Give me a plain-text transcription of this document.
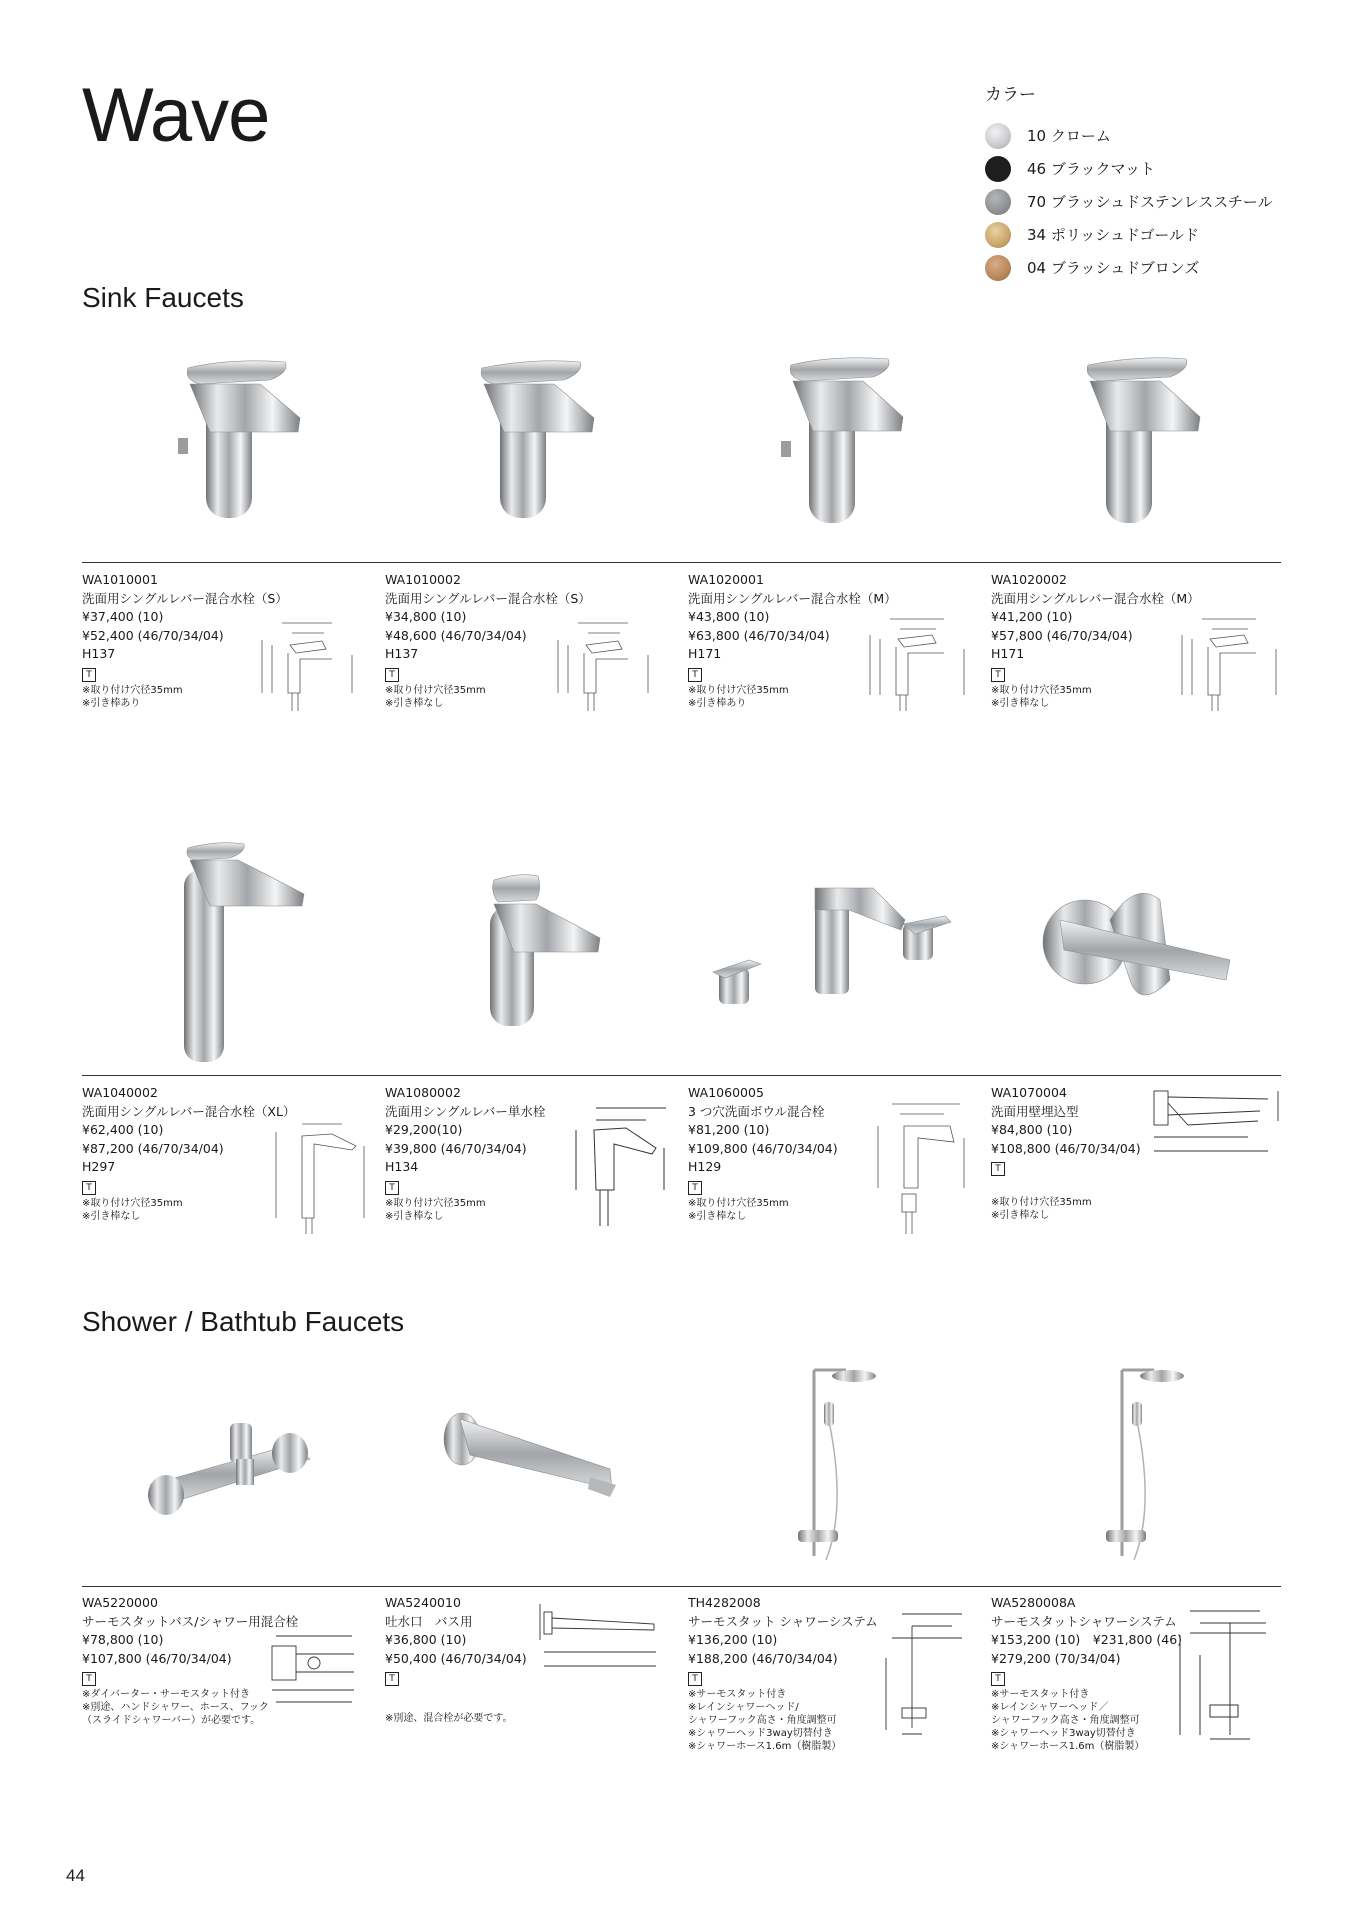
Wave	カラー
10 クローム
46 ブラックマット
70 ブラッシュドステンレススチール
34 ポリッシュドゴールド
04 ブラッシュドブロンズ
Sink Faucets
WA1010001
洗面用シングルレバー混合水栓（S）
¥37,400 (10)
¥52,400 (46/70/34/04)
H137
T
※取り付け穴径35mm
※引き棒あり
WA1010002
洗面用シングルレバー混合水栓（S）
¥34,800 (10)
¥48,600 (46/70/34/04)
H137
T
※取り付け穴径35mm
※引き棒なし
WA1020001
洗面用シングルレバー混合水栓（M）
¥43,800 (10)
¥63,800 (46/70/34/04)
H171
T
※取り付け穴径35mm
※引き棒あり
WA1020002
洗面用シングルレバー混合水栓（M）
¥41,200 (10)
¥57,800 (46/70/34/04)
H171
T
※取り付け穴径35mm
※引き棒なし
WA1040002
洗面用シングルレバー混合水栓（XL）
¥62,400 (10)
¥87,200 (46/70/34/04)
H297
T
※取り付け穴径35mm
※引き棒なし
WA1080002
洗面用シングルレバー単水栓
¥29,200(10)
¥39,800 (46/70/34/04)
H134
T
※取り付け穴径35mm
※引き棒なし
WA1060005
3 つ穴洗面ボウル混合栓
¥81,200 (10)
¥109,800 (46/70/34/04)
H129
T
※取り付け穴径35mm
※引き棒なし
WA1070004
洗面用壁埋込型
¥84,800 (10)
¥108,800 (46/70/34/04)
T
※取り付け穴径35mm
※引き棒なし
Shower / Bathtub Faucets
WA5220000
サーモスタットバス/シャワー用混合栓
¥78,800 (10)
¥107,800 (46/70/34/04)
T
※ダイバーター・サーモスタット付き
※別途、ハンドシャワー、ホース、フック
（スライドシャワーバー）が必要です。
WA5240010
吐水口　バス用
¥36,800 (10)
¥50,400 (46/70/34/04)
T
※別途、混合栓が必要です。
TH4282008
サーモスタット シャワーシステム
¥136,200 (10)
¥188,200 (46/70/34/04)
T
※サーモスタット付き
※レインシャワーヘッド/
シャワーフック高さ・角度調整可
※シャワーヘッド3way切替付き
※シャワーホース1.6m（樹脂製）
WA5280008A
サーモスタットシャワーシステム
¥153,200 (10)　¥231,800 (46)
¥279,200 (70/34/04)
T
※サーモスタット付き
※レインシャワーヘッド／
シャワーフック高さ・角度調整可
※シャワーヘッド3way切替付き
※シャワーホース1.6m（樹脂製）
44
